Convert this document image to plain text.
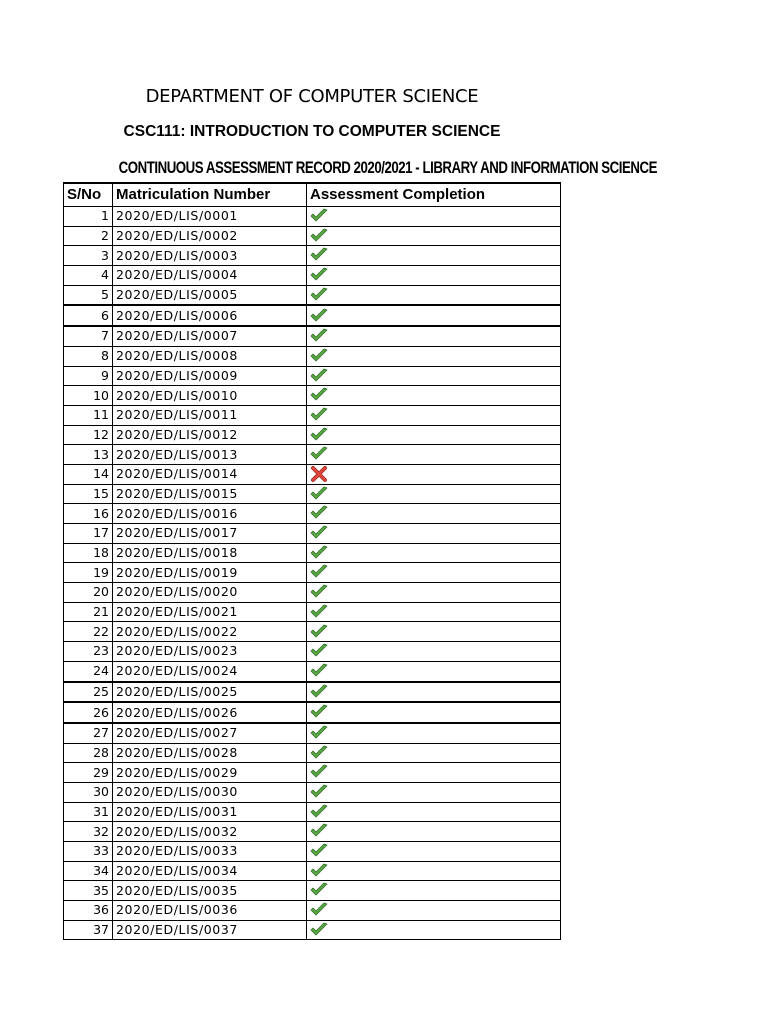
DEPARTMENT OF COMPUTER SCIENCE
CSC111: INTRODUCTION TO COMPUTER SCIENCE
CONTINUOUS ASSESSMENT RECORD 2020/2021 - LIBRARY AND INFORMATION SCIENCE
S/No	Matriculation Number	Assessment Completion
1	2020/ED/LIS/0001	
2	2020/ED/LIS/0002	
3	2020/ED/LIS/0003	
4	2020/ED/LIS/0004	
5	2020/ED/LIS/0005	
6	2020/ED/LIS/0006	
7	2020/ED/LIS/0007	
8	2020/ED/LIS/0008	
9	2020/ED/LIS/0009	
10	2020/ED/LIS/0010	
11	2020/ED/LIS/0011	
12	2020/ED/LIS/0012	
13	2020/ED/LIS/0013	
14	2020/ED/LIS/0014	
15	2020/ED/LIS/0015	
16	2020/ED/LIS/0016	
17	2020/ED/LIS/0017	
18	2020/ED/LIS/0018	
19	2020/ED/LIS/0019	
20	2020/ED/LIS/0020	
21	2020/ED/LIS/0021	
22	2020/ED/LIS/0022	
23	2020/ED/LIS/0023	
24	2020/ED/LIS/0024	
25	2020/ED/LIS/0025	
26	2020/ED/LIS/0026	
27	2020/ED/LIS/0027	
28	2020/ED/LIS/0028	
29	2020/ED/LIS/0029	
30	2020/ED/LIS/0030	
31	2020/ED/LIS/0031	
32	2020/ED/LIS/0032	
33	2020/ED/LIS/0033	
34	2020/ED/LIS/0034	
35	2020/ED/LIS/0035	
36	2020/ED/LIS/0036	
37	2020/ED/LIS/0037	
